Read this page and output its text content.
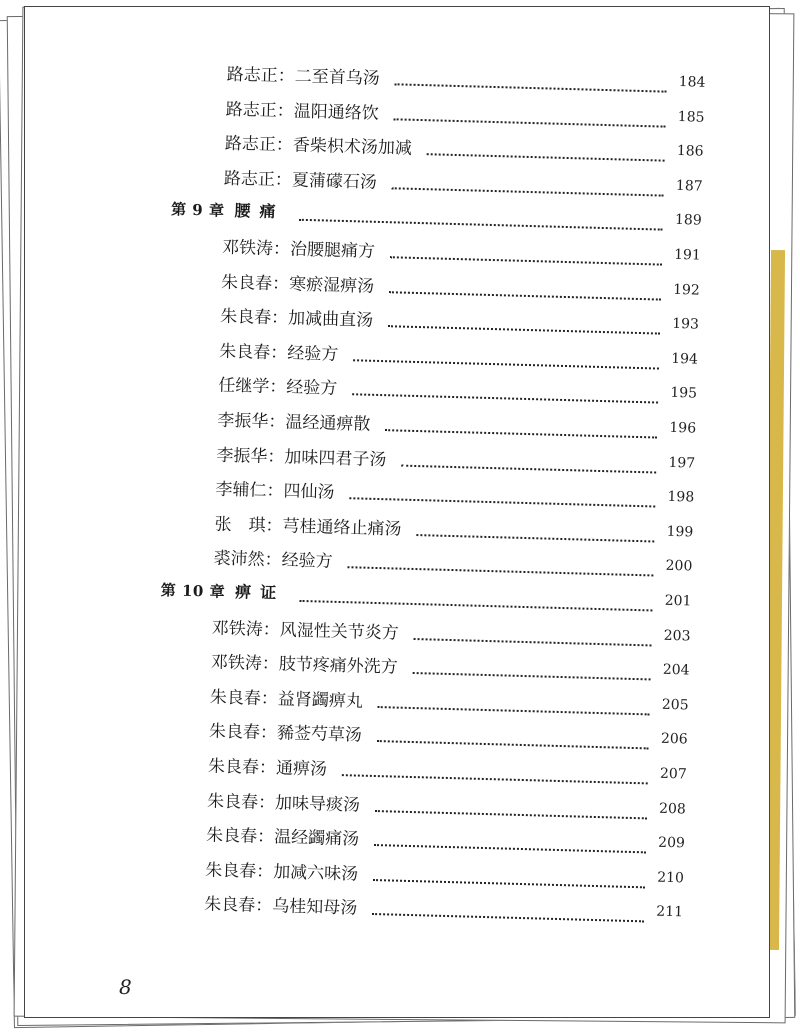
路志正：二至首乌汤	184
路志正：温阳通络饮	185
路志正：香柴枳术汤加减	186
路志正：夏蒲礞石汤	187
第 9 章 腰痛	189
邓铁涛：治腰腿痛方	191
朱良春：寒瘀湿痹汤	192
朱良春：加减曲直汤	193
朱良春：经验方	194
任继学：经验方	195
李振华：温经通痹散	196
李振华：加味四君子汤	197
李辅仁：四仙汤	198
张　琪：芎桂通络止痛汤	199
裘沛然：经验方	200
第 10 章 痹证	201
邓铁涛：风湿性关节炎方	203
邓铁涛：肢节疼痛外洗方	204
朱良春：益肾蠲痹丸	205
朱良春：豨莶芍草汤	206
朱良春：通痹汤	207
朱良春：加味导痰汤	208
朱良春：温经蠲痛汤	209
朱良春：加减六味汤	210
朱良春：乌桂知母汤	211
8
